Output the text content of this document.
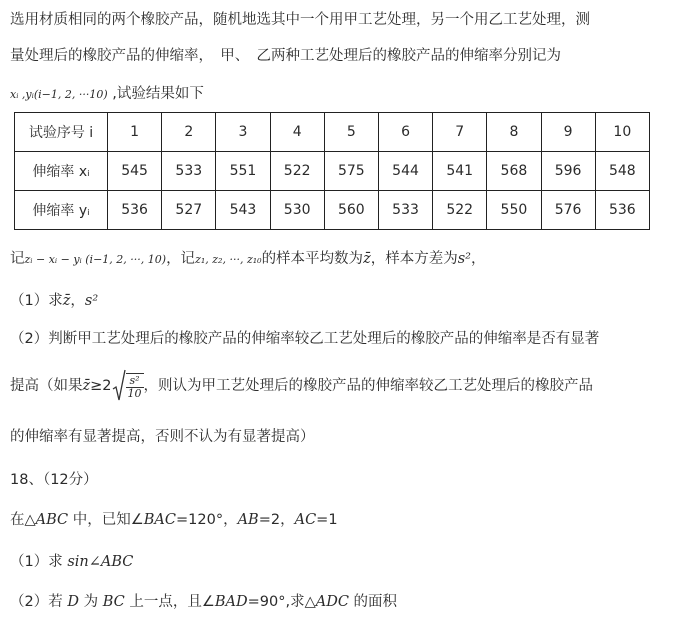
选用材质相同的两个橡胶产品，随机地选其中一个用甲工艺处理，另一个用乙工艺处理，测
量处理后的橡胶产品的伸缩率，　甲、　乙两种工艺处理后的橡胶产品的伸缩率分别记为
xᵢ ,yᵢ(i−1, 2, ···10) ,试验结果如下
试验序号 i	1	2	3	4	5	6	7	8	9	10
伸缩率 xᵢ	545	533	551	522	575	544	541	568	596	548
伸缩率 yᵢ	536	527	543	530	560	533	522	550	576	536
记zᵢ − xᵢ − yᵢ (i−1, 2, ···, 10)，记z₁, z₂, ···, z₁₀的样本平均数为z̄，样本方差为s²，
（1）求z̄，s²
（2）判断甲工艺处理后的橡胶产品的伸缩率较乙工艺处理后的橡胶产品的伸缩率是否有显著
提高（如果z̄≥2 $\frac{\text{s²}}{10}$ ，则认为甲工艺处理后的橡胶产品的伸缩率较乙工艺处理后的橡胶产品
的伸缩率有显著提高，否则不认为有显著提高）
18、（12分）
在△ABC 中，已知∠BAC=120°，AB=2，AC=1
（1）求 sin∠ABC
（2）若 D 为 BC 上一点，且∠BAD=90°,求△ADC 的面积
